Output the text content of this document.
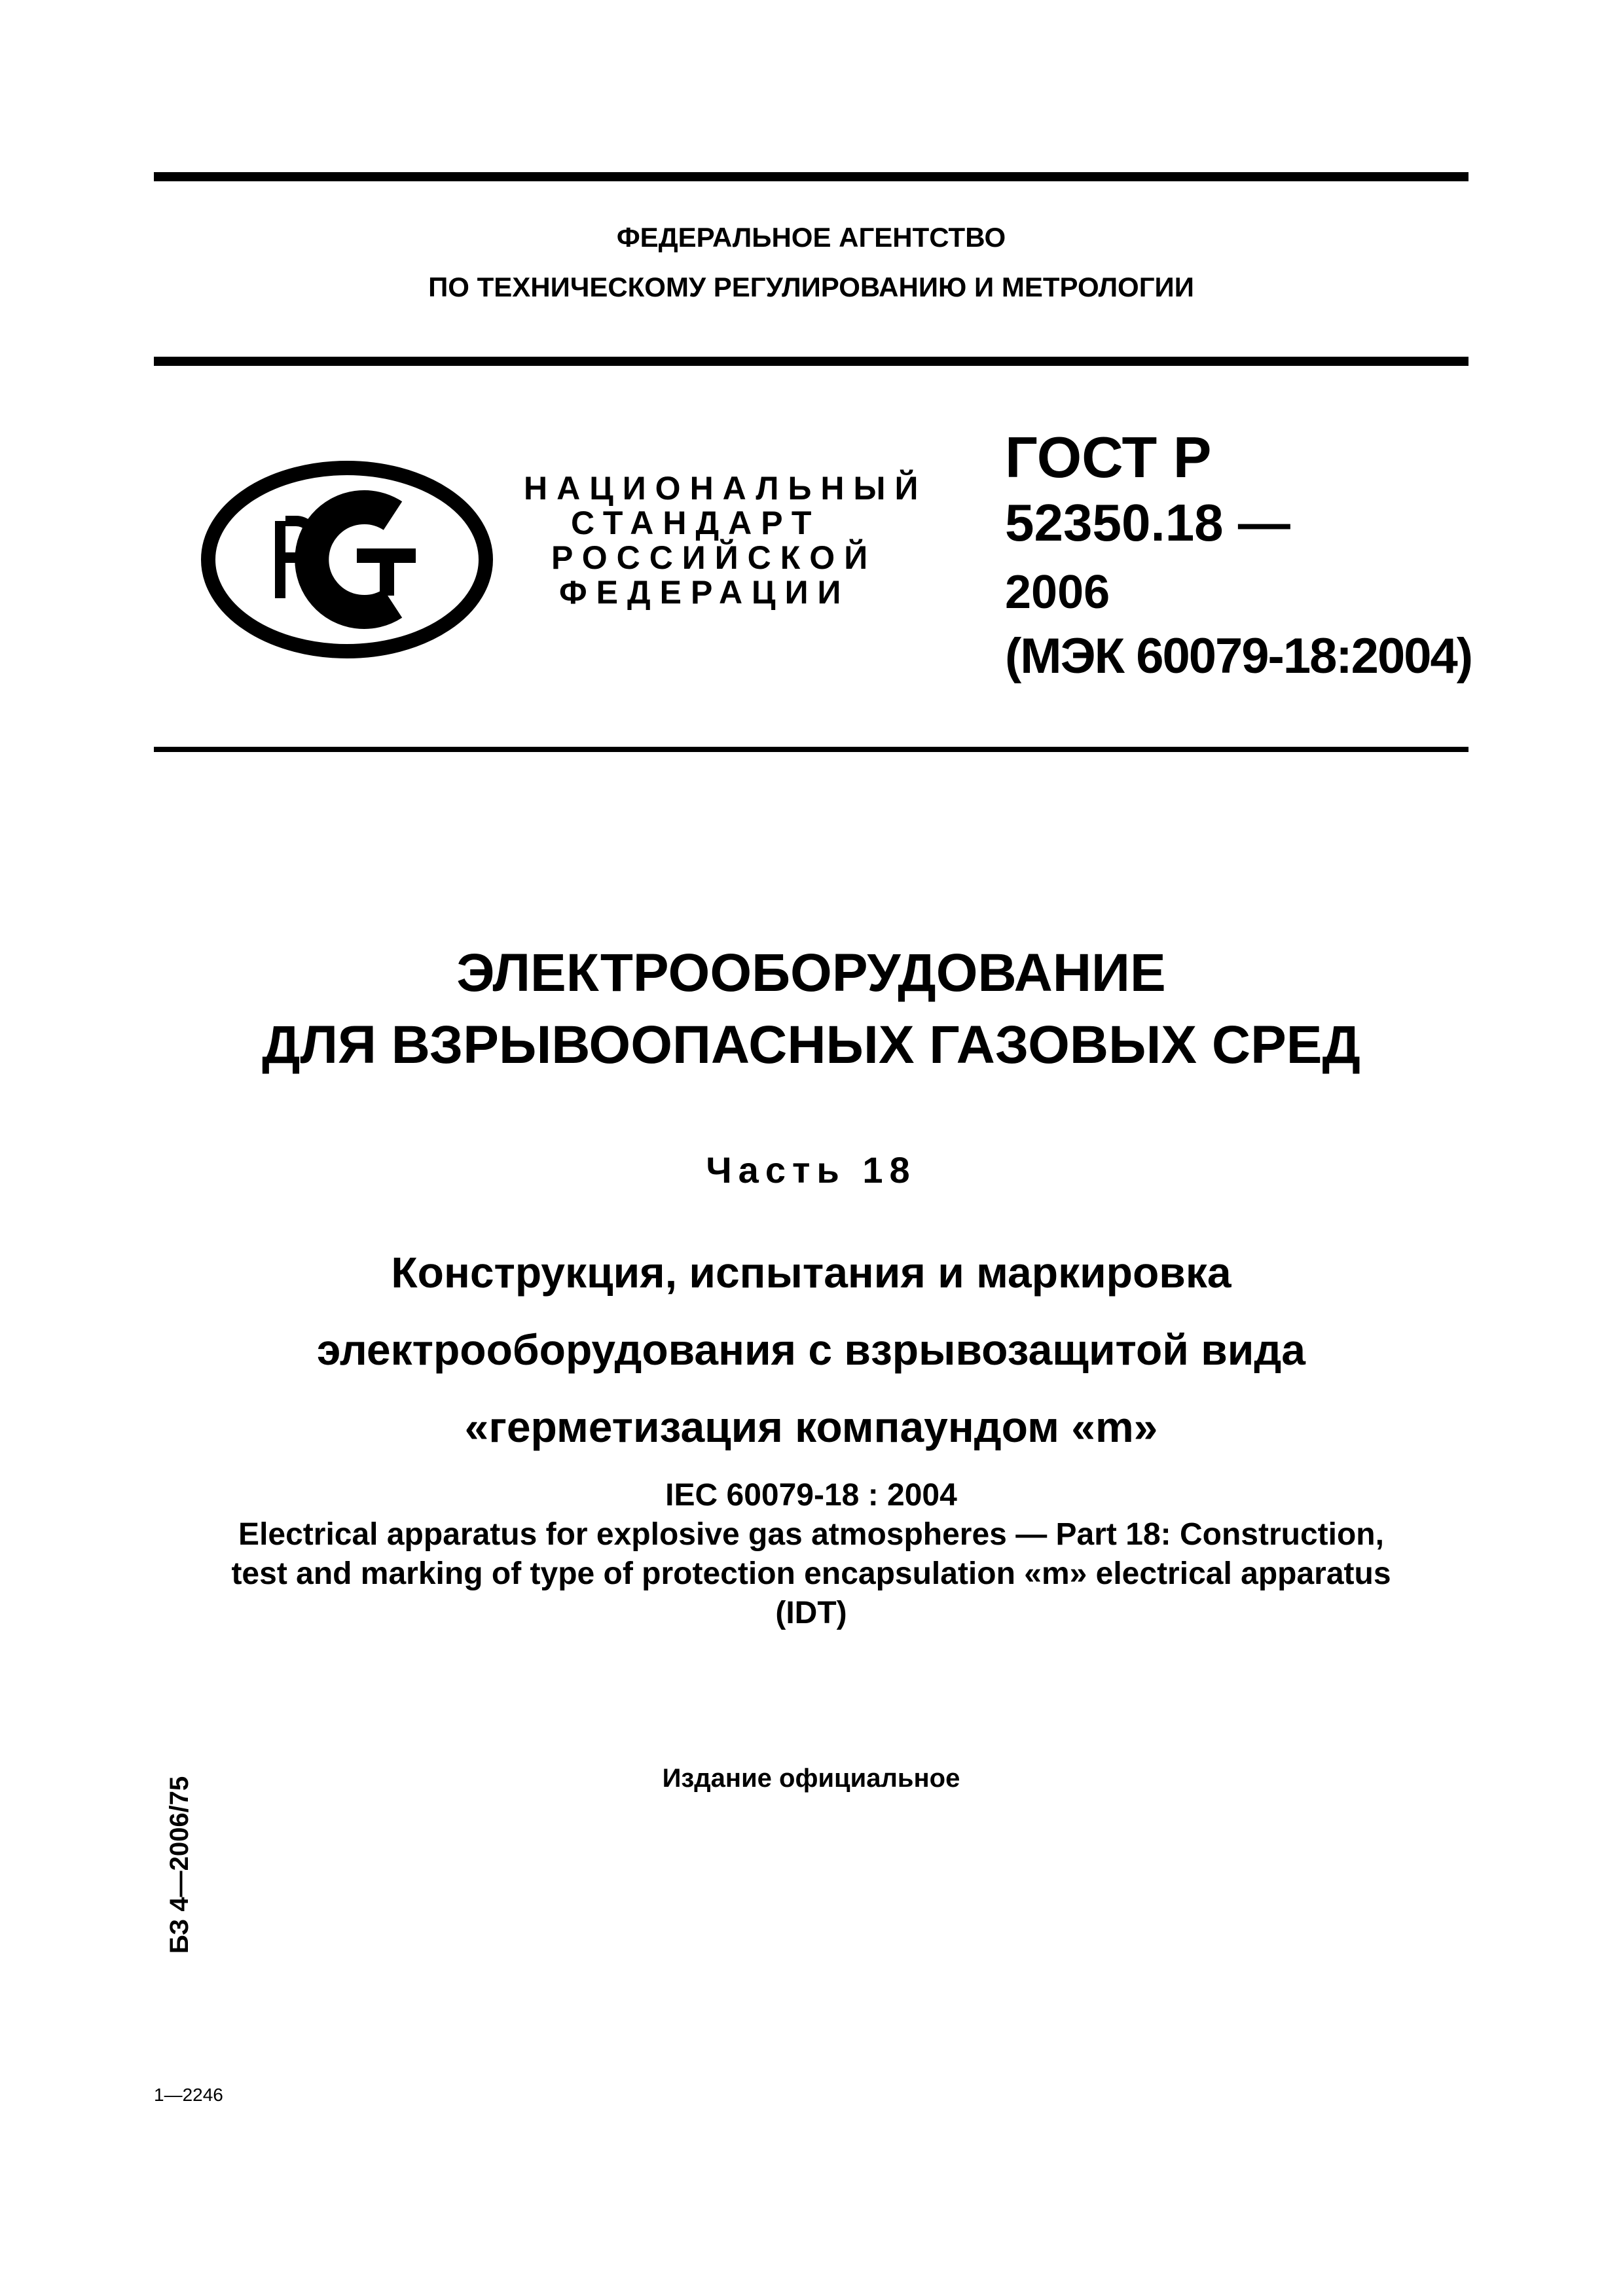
ФЕДЕРАЛЬНОЕ АГЕНТСТВО
ПО ТЕХНИЧЕСКОМУ РЕГУЛИРОВАНИЮ И МЕТРОЛОГИИ
НАЦИОНАЛЬНЫЙ
СТАНДАРТ
РОССИЙСКОЙ
ФЕДЕРАЦИИ
ГОСТ Р
52350.18 —
2006
(МЭК 60079-18:2004)
ЭЛЕКТРООБОРУДОВАНИЕ
ДЛЯ ВЗРЫВООПАСНЫХ ГАЗОВЫХ СРЕД
Часть 18
Конструкция, испытания и маркировка
электрооборудования с взрывозащитой вида
«герметизация компаундом «m»
IEC 60079-18 : 2004
Electrical apparatus for explosive gas atmospheres — Part 18: Construction,
test and marking of type of protection encapsulation «m» electrical apparatus
(IDT)
Издание официальное
БЗ 4—2006/75
1—2246
